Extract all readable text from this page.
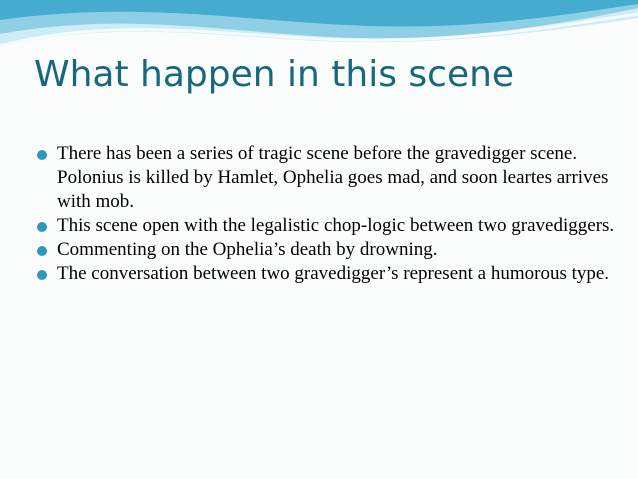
What happen in this scene
There has been a series of tragic scene before the gravedigger scene. Polonius is killed by Hamlet, Ophelia goes mad, and soon leartes arrives with mob.
This scene open with the legalistic chop-logic between two gravediggers.
Commenting on the Ophelia’s death by drowning.
The conversation between two gravedigger’s represent a humorous type.
